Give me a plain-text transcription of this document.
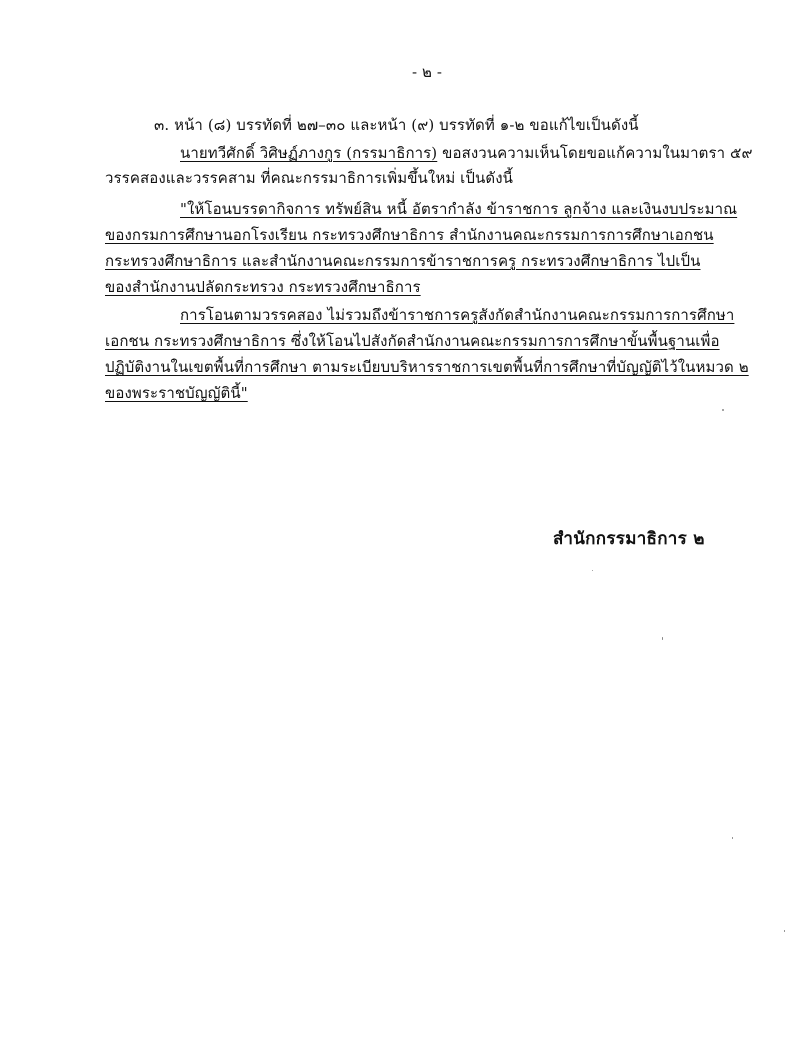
- ๒ -
๓. หน้า (๘) บรรทัดที่ ๒๗–๓๐ และหน้า (๙) บรรทัดที่ ๑-๒ ขอแก้ไขเป็นดังนี้
นายทวีศักดิ์ วิศิษฏ์ภางกูร (กรรมาธิการ) ขอสงวนความเห็นโดยขอแก้ความในมาตรา ๕๙
วรรคสองและวรรคสาม ที่คณะกรรมาธิการเพิ่มขึ้นใหม่ เป็นดังนี้
"ให้โอนบรรดากิจการ ทรัพย์สิน หนี้ อัตรากำลัง ข้าราชการ ลูกจ้าง และเงินงบประมาณ
ของกรมการศึกษานอกโรงเรียน กระทรวงศึกษาธิการ สำนักงานคณะกรรมการการศึกษาเอกชน
กระทรวงศึกษาธิการ และสำนักงานคณะกรรมการข้าราชการครู กระทรวงศึกษาธิการ ไปเป็น
ของสำนักงานปลัดกระทรวง กระทรวงศึกษาธิการ
การโอนตามวรรคสอง ไม่รวมถึงข้าราชการครูสังกัดสำนักงานคณะกรรมการการศึกษา
เอกชน กระทรวงศึกษาธิการ ซึ่งให้โอนไปสังกัดสำนักงานคณะกรรมการการศึกษาขั้นพื้นฐานเพื่อ
ปฏิบัติงานในเขตพื้นที่การศึกษา ตามระเบียบบริหารราชการเขตพื้นที่การศึกษาที่บัญญัติไว้ในหมวด ๒
ของพระราชบัญญัตินี้"
สำนักกรรมาธิการ ๒
